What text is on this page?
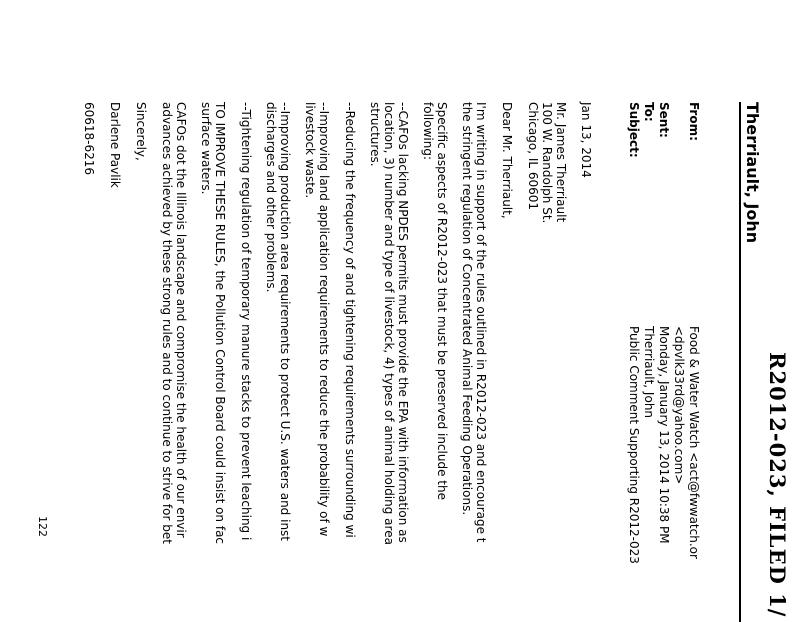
R2012-023, FILED 1/
Therriault, John
From:
Sent:
To:
Subject:
Food & Water Watch <act@fwwatch.or
<dpvlk33rd@yahoo.com>
Monday, January 13, 2014 10:38 PM
Therriault, John
Public Comment Supporting R2012-023
Jan 13, 2014
Mr. James Therriault
100 W. Randolph St.
Chicago, IL 60601
Dear Mr. Therriault,
I'm writing in support of the rules outlined in R2012-023 and encourage t
the stringent regulation of Concentrated Animal Feeding Operations.
Specific aspects of R2012-023 that must be preserved include the
following:
--CAFOs lacking NPDES permits must provide the EPA with information as
location, 3) number and type of livestock, 4) types of animal holding area
structures.
--Reducing the frequency of and tightening requirements surrounding wi
--Improving land application requirements to reduce the probability of w
livestock waste.
--Improving production area requirements to protect U.S. waters and inst
discharges and other problems.
--Tightening regulation of temporary manure stacks to prevent leaching i
TO IMPROVE THESE RULES, the Pollution Control Board could insist on fac
surface waters.
CAFOs dot the Illinois landscape and compromise the health of our envir
advances achieved by these strong rules and to continue to strive for bet
Sincerely,
Darlene Pavlik
60618-6216
122
